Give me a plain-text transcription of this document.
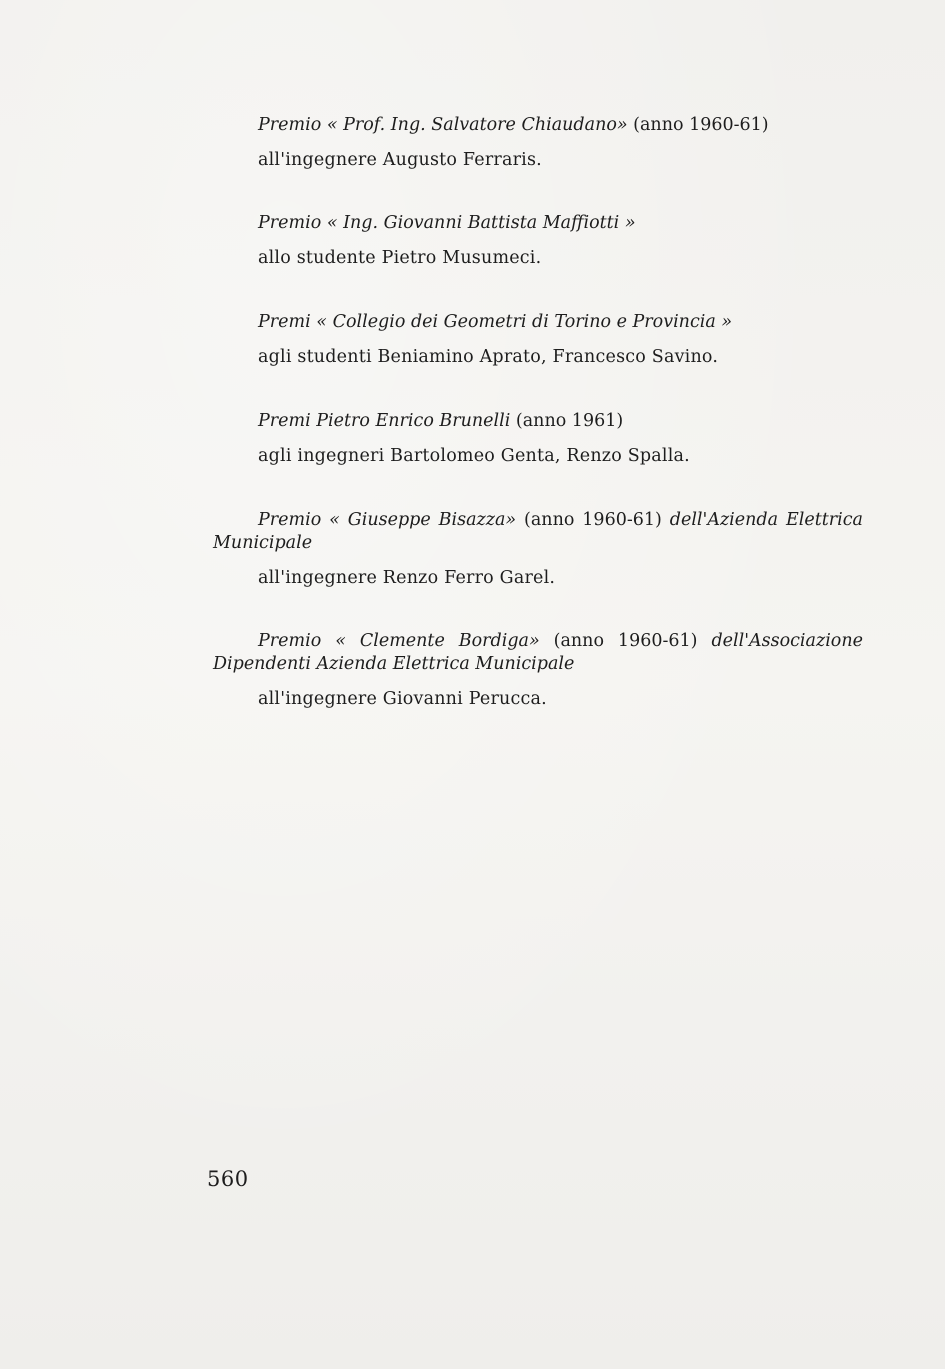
Premio « Prof. Ing. Salvatore Chiaudano» (anno 1960-61)
all'ingegnere Augusto Ferraris.
Premio « Ing. Giovanni Battista Maffiotti »
allo studente Pietro Musumeci.
Premi « Collegio dei Geometri di Torino e Provincia »
agli studenti Beniamino Aprato, Francesco Savino.
Premi Pietro Enrico Brunelli (anno 1961)
agli ingegneri Bartolomeo Genta, Renzo Spalla.
Premio « Giuseppe Bisazza» (anno 1960-61) dell'Azienda Elettrica Municipale
all'ingegnere Renzo Ferro Garel.
Premio « Clemente Bordiga» (anno 1960-61) dell'Associazione Dipendenti Azienda Elettrica Municipale
all'ingegnere Giovanni Perucca.
560
